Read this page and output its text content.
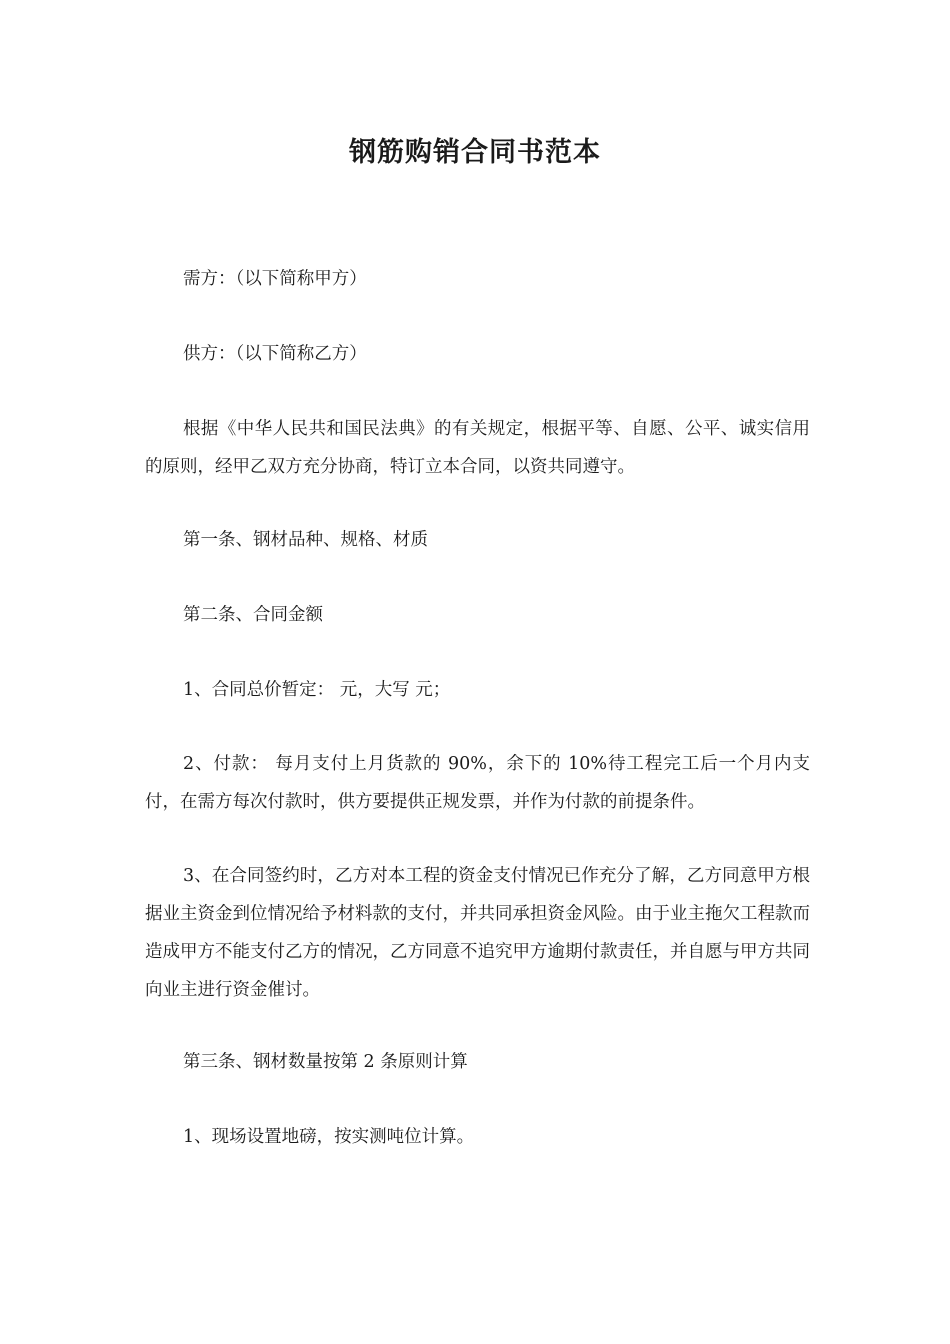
钢筋购销合同书范本

需方：（以下简称甲方）

供方：（以下简称乙方）

根据《中华人民共和国民法典》的有关规定，根据平等、自愿、公平、诚实信用的原则，经甲乙双方充分协商，特订立本合同，以资共同遵守。

第一条、钢材品种、规格、材质

第二条、合同金额

1、合同总价暂定： 元，大写 元；

2、付款： 每月支付上月货款的 90%，余下的 10%待工程完工后一个月内支付，在需方每次付款时，供方要提供正规发票，并作为付款的前提条件。

3、在合同签约时，乙方对本工程的资金支付情况已作充分了解，乙方同意甲方根据业主资金到位情况给予材料款的支付，并共同承担资金风险。由于业主拖欠工程款而造成甲方不能支付乙方的情况，乙方同意不追究甲方逾期付款责任，并自愿与甲方共同向业主进行资金催讨。

第三条、钢材数量按第 2 条原则计算

1、现场设置地磅，按实测吨位计算。
